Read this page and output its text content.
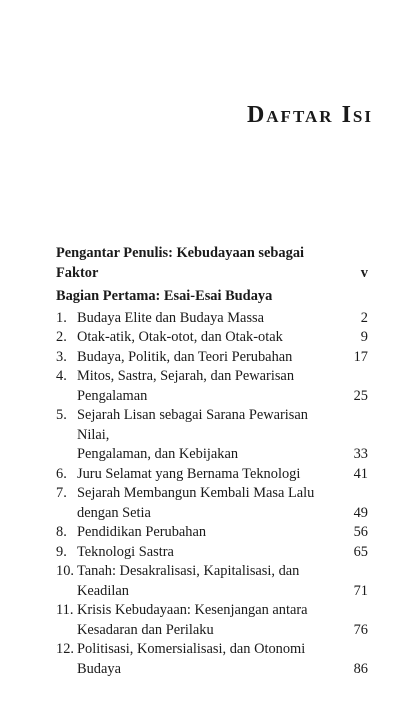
Daftar Isi
Pengantar Penulis: Kebudayaan sebagai Faktor	v
Bagian Pertama: Esai-Esai Budaya
1. Budaya Elite dan Budaya Massa	2
2. Otak-atik, Otak-otot, dan Otak-otak	9
3. Budaya, Politik, dan Teori Perubahan	17
4. Mitos, Sastra, Sejarah, dan Pewarisan
Pengalaman	25
5. Sejarah Lisan sebagai Sarana Pewarisan Nilai,
Pengalaman, dan Kebijakan	33
6. Juru Selamat yang Bernama Teknologi	41
7. Sejarah Membangun Kembali Masa Lalu
dengan Setia	49
8. Pendidikan Perubahan	56
9. Teknologi Sastra	65
10. Tanah: Desakralisasi, Kapitalisasi, dan
Keadilan	71
11. Krisis Kebudayaan: Kesenjangan antara
Kesadaran dan Perilaku	76
12. Politisasi, Komersialisasi, dan Otonomi
Budaya	86
